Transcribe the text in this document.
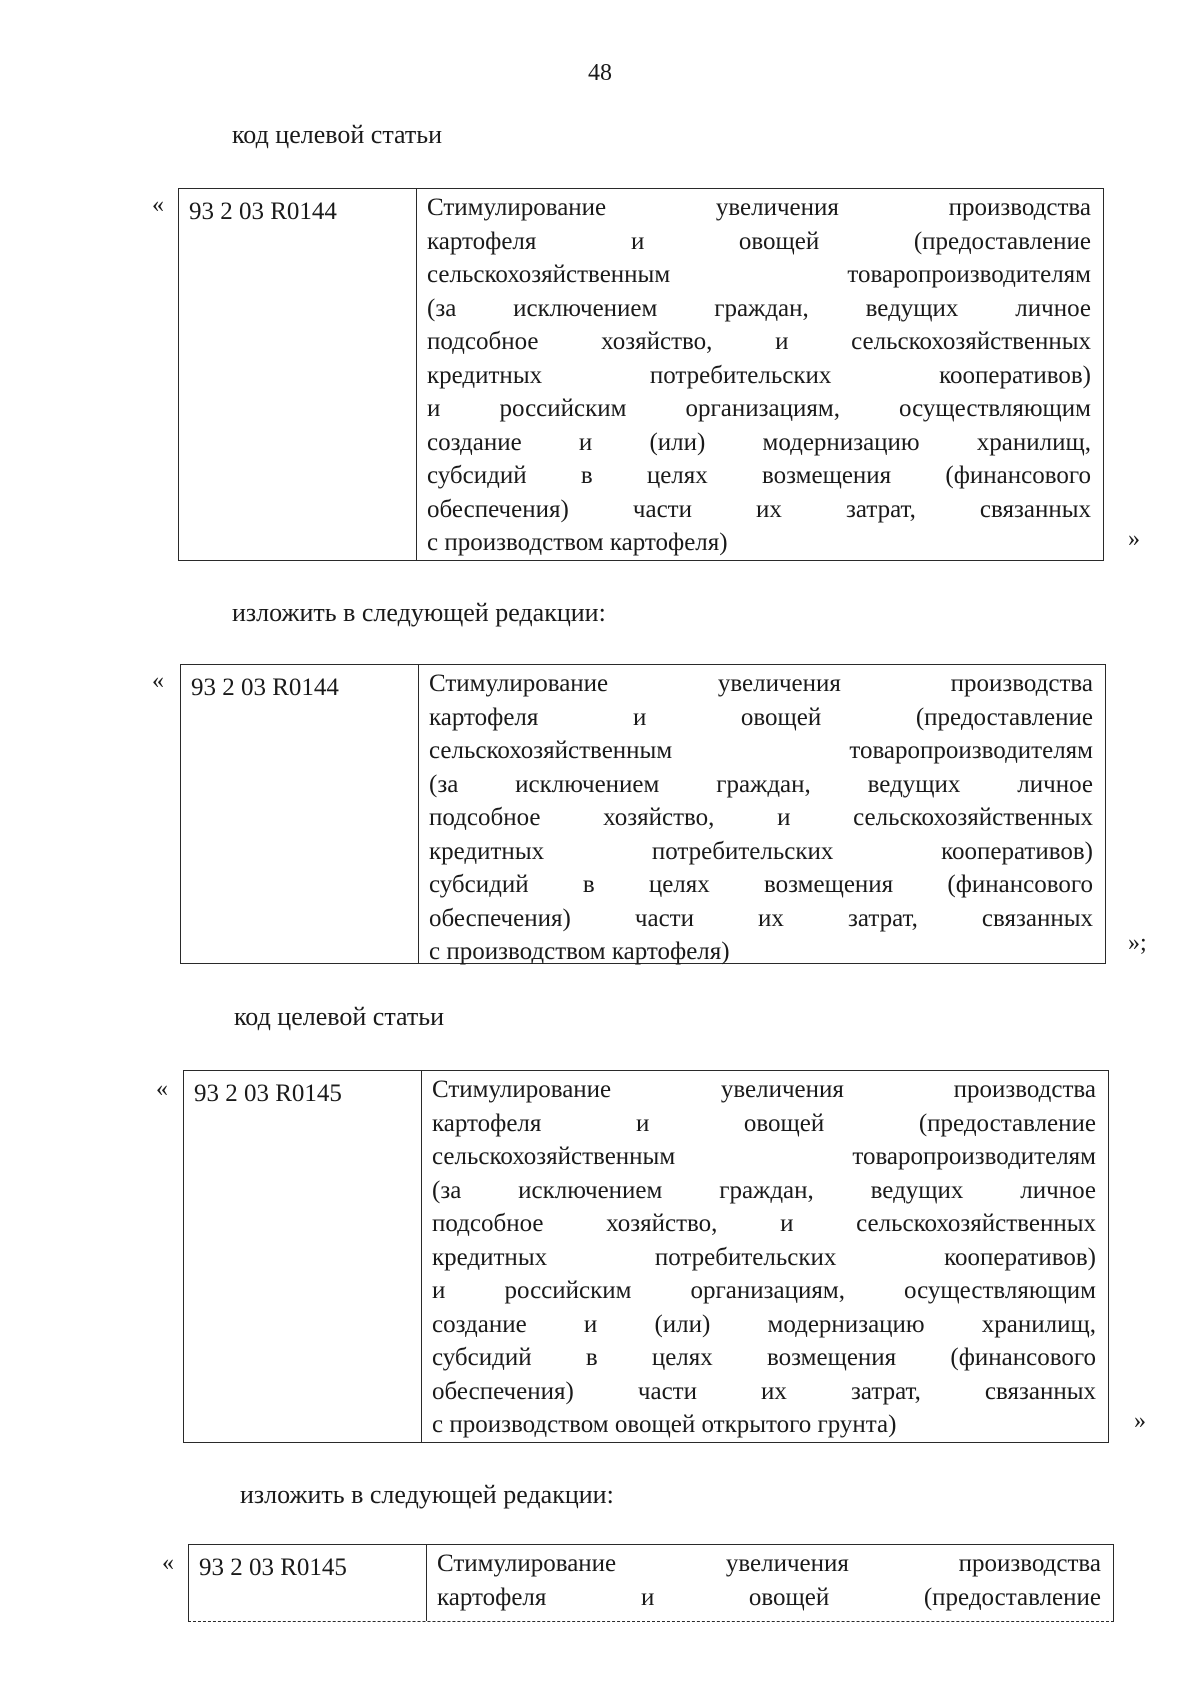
48
код целевой статьи
«	93 2 03 R0144	Стимулирование увеличения производства
картофеля и овощей (предоставление
сельскохозяйственным товаропроизводителям
(за исключением граждан, ведущих личное
подсобное хозяйство, и сельскохозяйственных
кредитных потребительских кооперативов)
и российским организациям, осуществляющим
создание и (или) модернизацию хранилищ,
субсидий в целях возмещения (финансового
обеспечения) части их затрат, связанных
с производством картофеля)	»
изложить в следующей редакции:
«	93 2 03 R0144	Стимулирование увеличения производства
картофеля и овощей (предоставление
сельскохозяйственным товаропроизводителям
(за исключением граждан, ведущих личное
подсобное хозяйство, и сельскохозяйственных
кредитных потребительских кооперативов)
субсидий в целях возмещения (финансового
обеспечения) части их затрат, связанных
с производством картофеля)	»;
код целевой статьи
«	93 2 03 R0145	Стимулирование увеличения производства
картофеля и овощей (предоставление
сельскохозяйственным товаропроизводителям
(за исключением граждан, ведущих личное
подсобное хозяйство, и сельскохозяйственных
кредитных потребительских кооперативов)
и российским организациям, осуществляющим
создание и (или) модернизацию хранилищ,
субсидий в целях возмещения (финансового
обеспечения) части их затрат, связанных
с производством овощей открытого грунта)	»
изложить в следующей редакции:
«	93 2 03 R0145	Стимулирование увеличения производства
картофеля и овощей (предоставление
